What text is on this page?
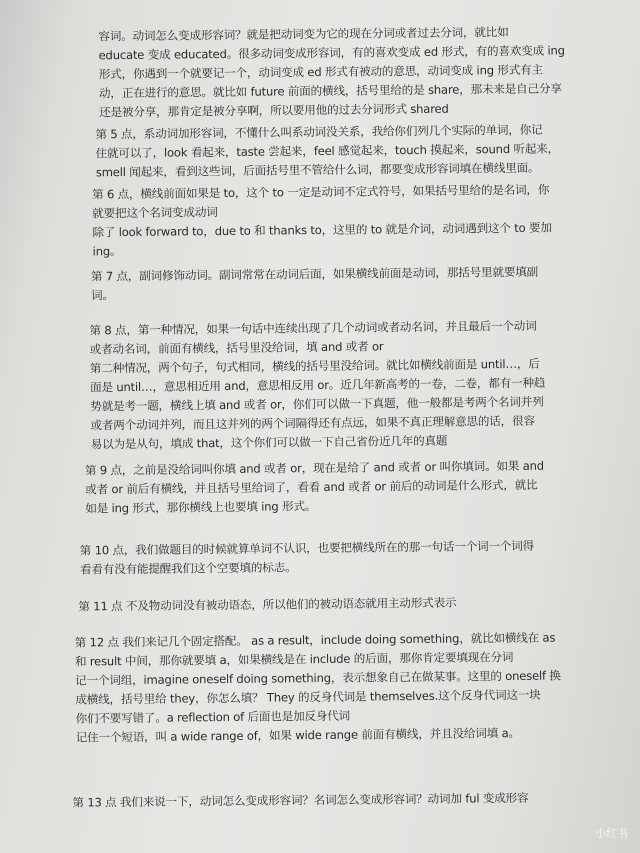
容词。动词怎么变成形容词？就是把动词变为它的现在分词或者过去分词，就比如
educate 变成 educated。很多动词变成形容词，有的喜欢变成 ed 形式，有的喜欢变成 ing
形式，你遇到一个就要记一个，动词变成 ed 形式有被动的意思，动词变成 ing 形式有主
动，正在进行的意思。就比如 future 前面的横线，括号里给的是 share，那未来是自己分享
还是被分享，那肯定是被分享啊，所以要用他的过去分词形式 shared
第 5 点，系动词加形容词，不懂什么叫系动词没关系，我给你们列几个实际的单词，你记
住就可以了，look 看起来，taste 尝起来，feel 感觉起来，touch 摸起来，sound 听起来，
smell 闻起来，看到这些词，后面括号里不管给什么词，都要变成形容词填在横线里面。
第 6 点，横线前面如果是 to，这个 to 一定是动词不定式符号，如果括号里给的是名词，你
就要把这个名词变成动词
除了 look forward to，due to 和 thanks to，这里的 to 就是介词，动词遇到这个 to 要加
ing。
第 7 点，副词修饰动词。副词常常在动词后面，如果横线前面是动词，那括号里就要填副
词。
第 8 点，第一种情况，如果一句话中连续出现了几个动词或者动名词，并且最后一个动词
或者动名词，前面有横线，括号里没给词，填 and 或者 or
第二种情况，两个句子，句式相同，横线的括号里没给词。就比如横线前面是 until…，后
面是 until…，意思相近用 and，意思相反用 or。近几年新高考的一卷，二卷，都有一种趋
势就是考一题，横线上填 and 或者 or，你们可以做一下真题，他一般都是考两个名词并列
或者两个动词并列，而且这并列的两个词隔得还有点远，如果不真正理解意思的话，很容
易以为是从句，填成 that，这个你们可以做一下自己省份近几年的真题
第 9 点，之前是没给词叫你填 and 或者 or，现在是给了 and 或者 or 叫你填词。如果 and
或者 or 前后有横线，并且括号里给词了，看看 and 或者 or 前后的动词是什么形式，就比
如是 ing 形式，那你横线上也要填 ing 形式。
第 10 点，我们做题目的时候就算单词不认识，也要把横线所在的那一句话一个词一个词得
看看有没有能提醒我们这个空要填的标志。
第 11 点 不及物动词没有被动语态，所以他们的被动语态就用主动形式表示
第 12 点 我们来记几个固定搭配。 as a result，include doing something，就比如横线在 as
和 result 中间，那你就要填 a，如果横线是在 include 的后面，那你肯定要填现在分词
记一个词组，imagine oneself doing something，表示想象自己在做某事。这里的 oneself 换
成横线，括号里给 they，你怎么填？ They 的反身代词是 themselves.这个反身代词这一块
你们不要写错了。a reflection of 后面也是加反身代词
记住一个短语，叫 a wide range of，如果 wide range 前面有横线，并且没给词填 a。
第 13 点 我们来说一下，动词怎么变成形容词？名词怎么变成形容词？动词加 ful 变成形容
小红书
